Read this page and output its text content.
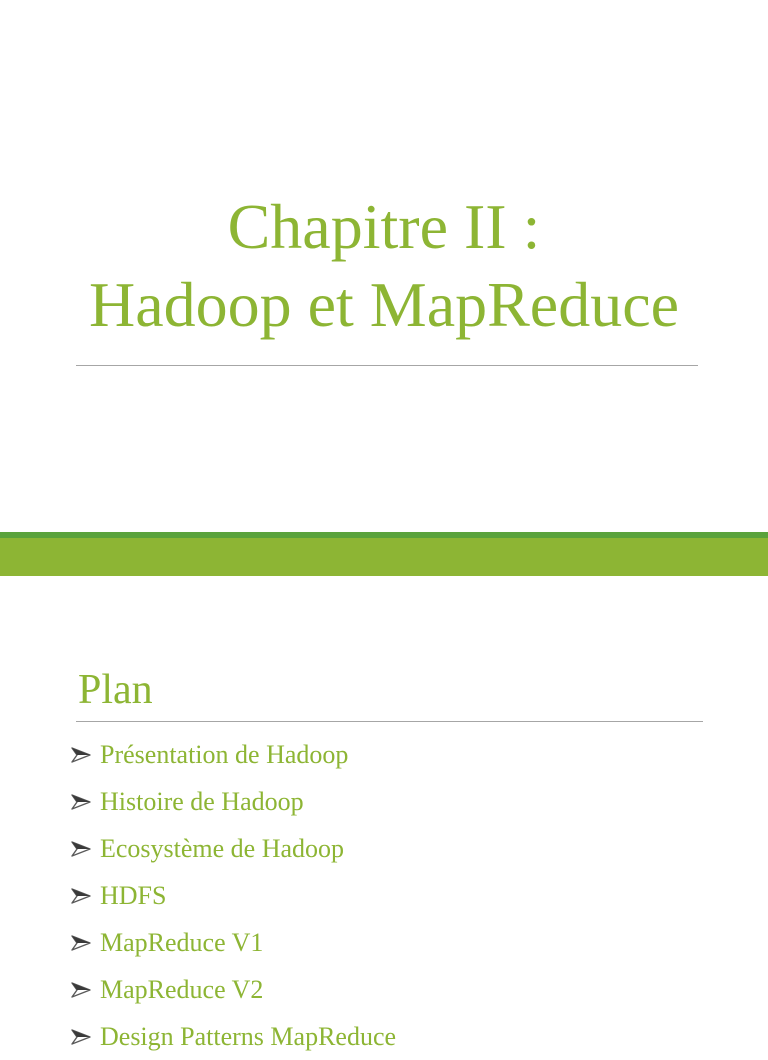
Chapitre II :
Hadoop et MapReduce
Plan
Présentation de Hadoop
Histoire de Hadoop
Ecosystème de Hadoop
HDFS
MapReduce V1
MapReduce V2
Design Patterns MapReduce
